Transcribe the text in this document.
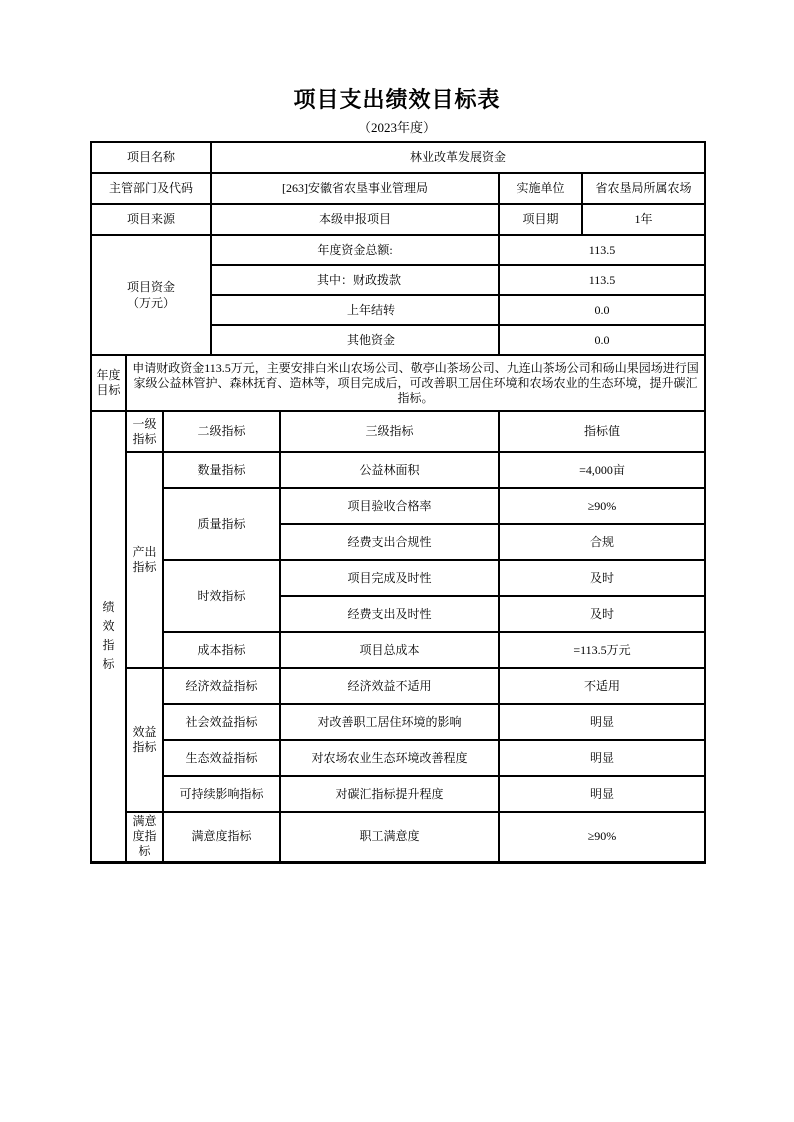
项目支出绩效目标表
（2023年度）
项目名称			林业改革发展资金			
主管部门及代码			[263]安徽省农垦事业管理局		实施单位	省农垦局所属农场
项目来源			本级申报项目		项目期	1年

项目资金
（万元）			年度资金总额:		113.5	
			其中：财政拨款		113.5	
			上年结转		0.0	
			其他资金		0.0	
年度目标	申请财政资金113.5万元，主要安排白米山农场公司、敬亭山茶场公司、九连山茶场公司和砀山果园场进行国家级公益林管护、森林抚育、造林等，项目完成后，可改善职工居住环境和农场农业的生态环境，提升碳汇指标。					
绩效指标	一级指标	二级指标		三级指标	指标值	
	产出指标	数量指标		公益林面积	=4,000亩	
		质量指标		项目验收合格率	≥90%	
				经费支出合规性	合规	
		时效指标		项目完成及时性	及时	
				经费支出及时性	及时	
		成本指标		项目总成本	=113.5万元	
	效益指标	经济效益指标		经济效益不适用	不适用	
		社会效益指标		对改善职工居住环境的影响	明显	
		生态效益指标		对农场农业生态环境改善程度	明显	
		可持续影响指标		对碳汇指标提升程度	明显	
	满意度指标	满意度指标		职工满意度	≥90%	
